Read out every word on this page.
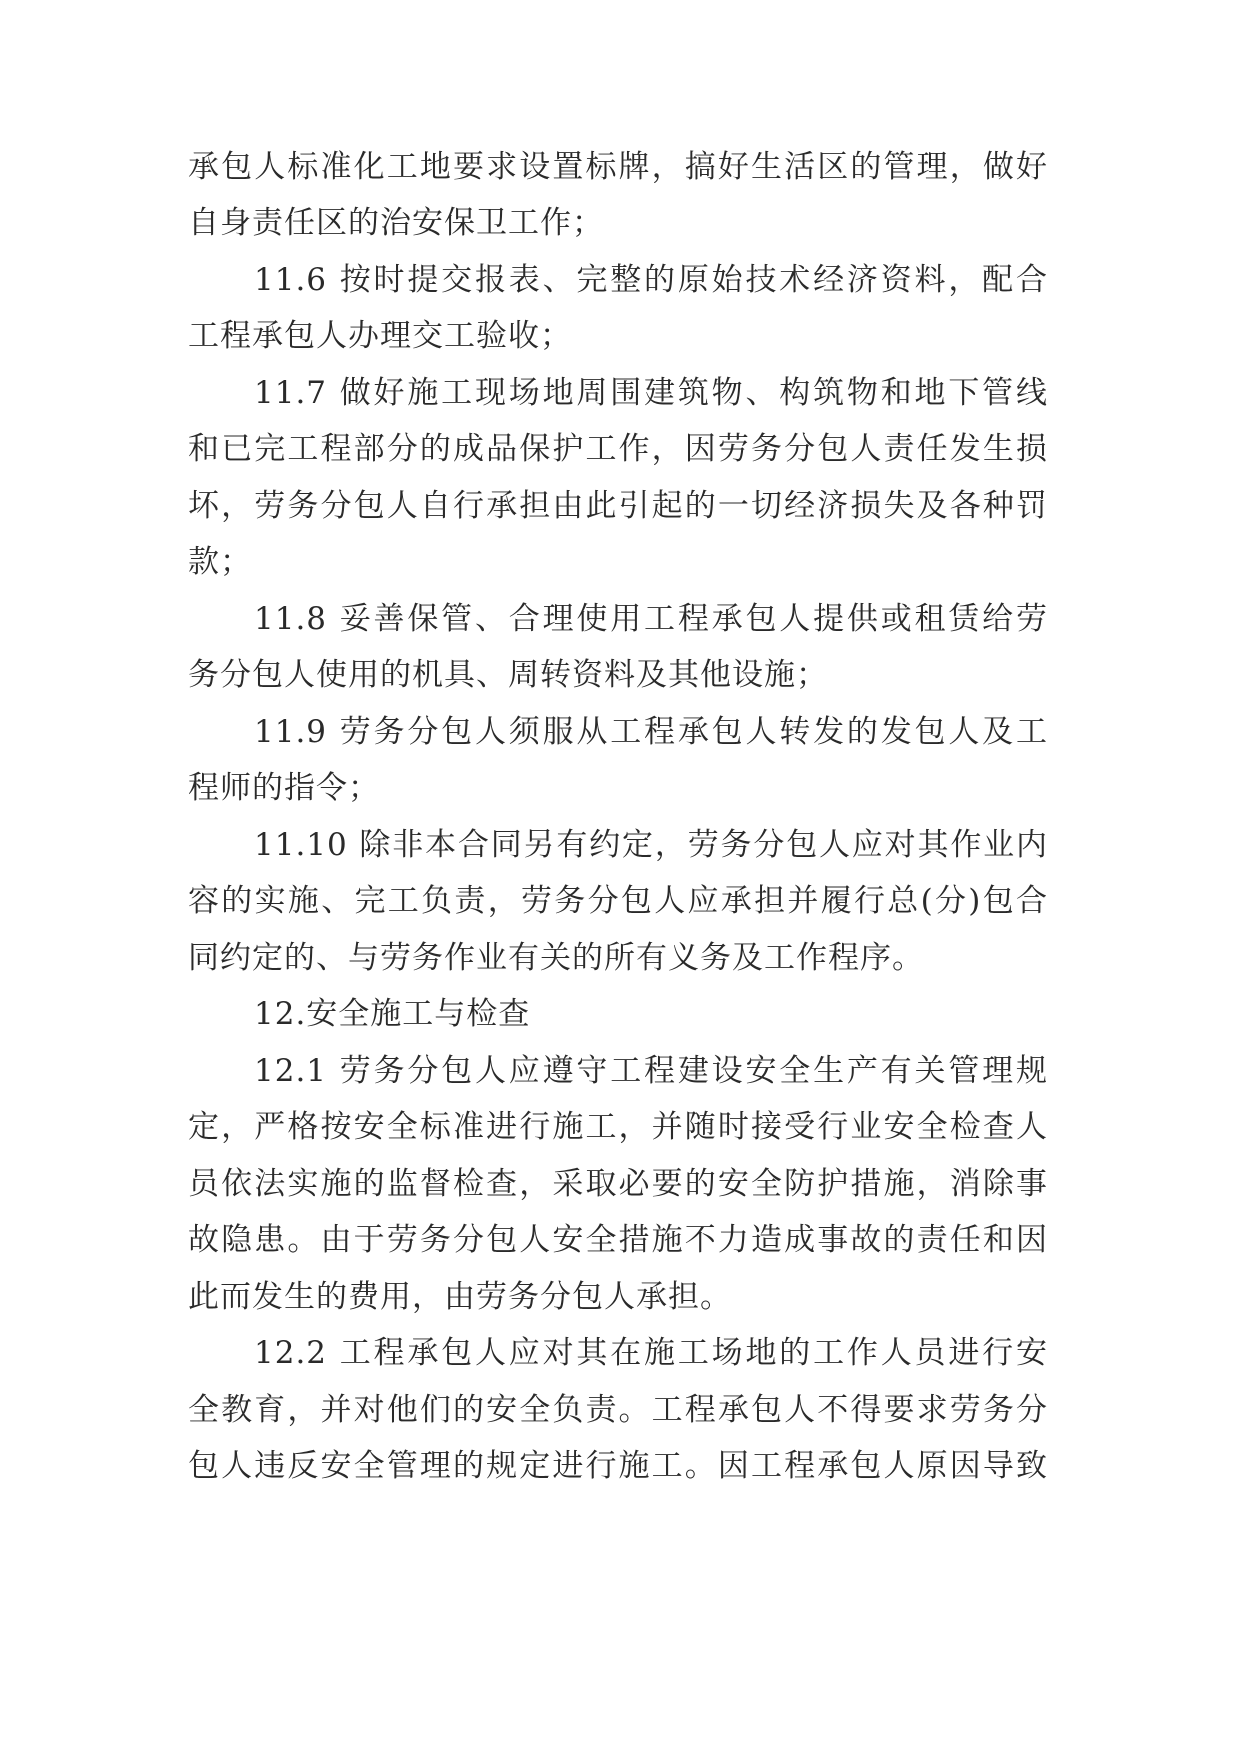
承包人标准化工地要求设置标牌，搞好生活区的管理，做好

自身责任区的治安保卫工作；

11.6 按时提交报表、完整的原始技术经济资料，配合

工程承包人办理交工验收；

11.7 做好施工现场地周围建筑物、构筑物和地下管线

和已完工程部分的成品保护工作，因劳务分包人责任发生损

坏，劳务分包人自行承担由此引起的一切经济损失及各种罚

款；

11.8 妥善保管、合理使用工程承包人提供或租赁给劳

务分包人使用的机具、周转资料及其他设施；

11.9 劳务分包人须服从工程承包人转发的发包人及工

程师的指令；

11.10 除非本合同另有约定，劳务分包人应对其作业内

容的实施、完工负责，劳务分包人应承担并履行总(分)包合

同约定的、与劳务作业有关的所有义务及工作程序。

12.安全施工与检查

12.1 劳务分包人应遵守工程建设安全生产有关管理规

定，严格按安全标准进行施工，并随时接受行业安全检查人

员依法实施的监督检查，采取必要的安全防护措施，消除事

故隐患。由于劳务分包人安全措施不力造成事故的责任和因

此而发生的费用，由劳务分包人承担。

12.2 工程承包人应对其在施工场地的工作人员进行安

全教育，并对他们的安全负责。工程承包人不得要求劳务分

包人违反安全管理的规定进行施工。因工程承包人原因导致
